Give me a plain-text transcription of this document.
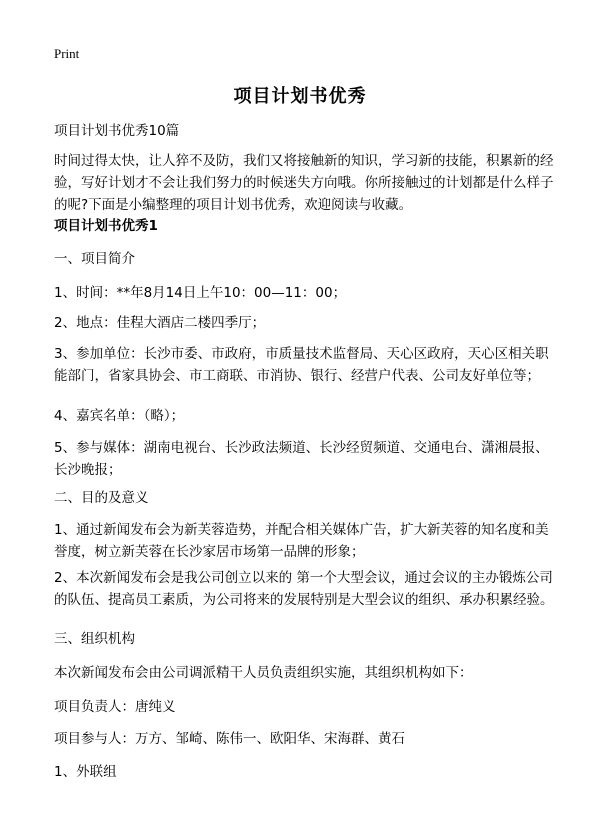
Print
项目计划书优秀

项目计划书优秀10篇

时间过得太快，让人猝不及防，我们又将接触新的知识，学习新的技能，积累新的经验，写好计划才不会让我们努力的时候迷失方向哦。你所接触过的计划都是什么样子的呢?下面是小编整理的项目计划书优秀，欢迎阅读与收藏。

项目计划书优秀1

一、项目简介

1、时间：**年8月14日上午10：00—11：00；

2、地点：佳程大酒店二楼四季厅；

3、参加单位：长沙市委、市政府，市质量技术监督局、天心区政府，天心区相关职能部门，省家具协会、市工商联、市消协、银行、经营户代表、公司友好单位等；

4、嘉宾名单：（略）；

5、参与媒体：湖南电视台、长沙政法频道、长沙经贸频道、交通电台、潇湘晨报、长沙晚报；

二、目的及意义

1、通过新闻发布会为新芙蓉造势，并配合相关媒体广告，扩大新芙蓉的知名度和美誉度，树立新芙蓉在长沙家居市场第一品牌的形象；

2、本次新闻发布会是我公司创立以来的 第一个大型会议，通过会议的主办锻炼公司的队伍、提高员工素质，为公司将来的发展特别是大型会议的组织、承办积累经验。

三、组织机构

本次新闻发布会由公司调派精干人员负责组织实施，其组织机构如下：

项目负责人：唐纯义

项目参与人：万方、邹崎、陈伟一、欧阳华、宋海群、黄石

1、外联组
